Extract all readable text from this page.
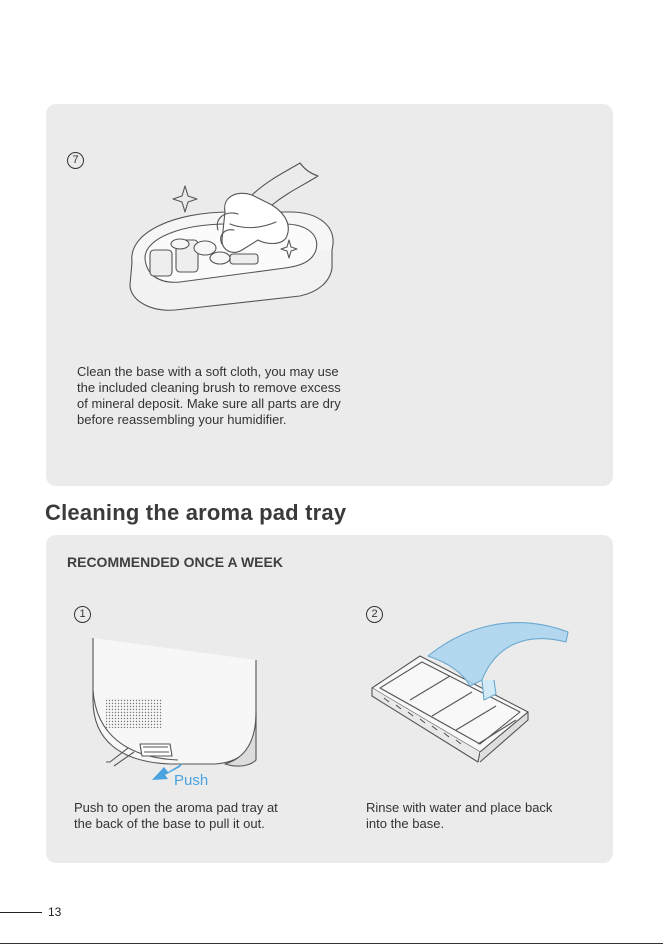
7

Clean the base with a soft cloth, you may use
the included cleaning brush to remove excess
of mineral deposit. Make sure all parts are dry
before reassembling your humidifier.

Cleaning the aroma pad tray
RECOMMENDED ONCE A WEEK
1	2
Push

Push to open the aroma pad tray at
the back of the base to pull it out.

Rinse with water and place back
into the base.

13
